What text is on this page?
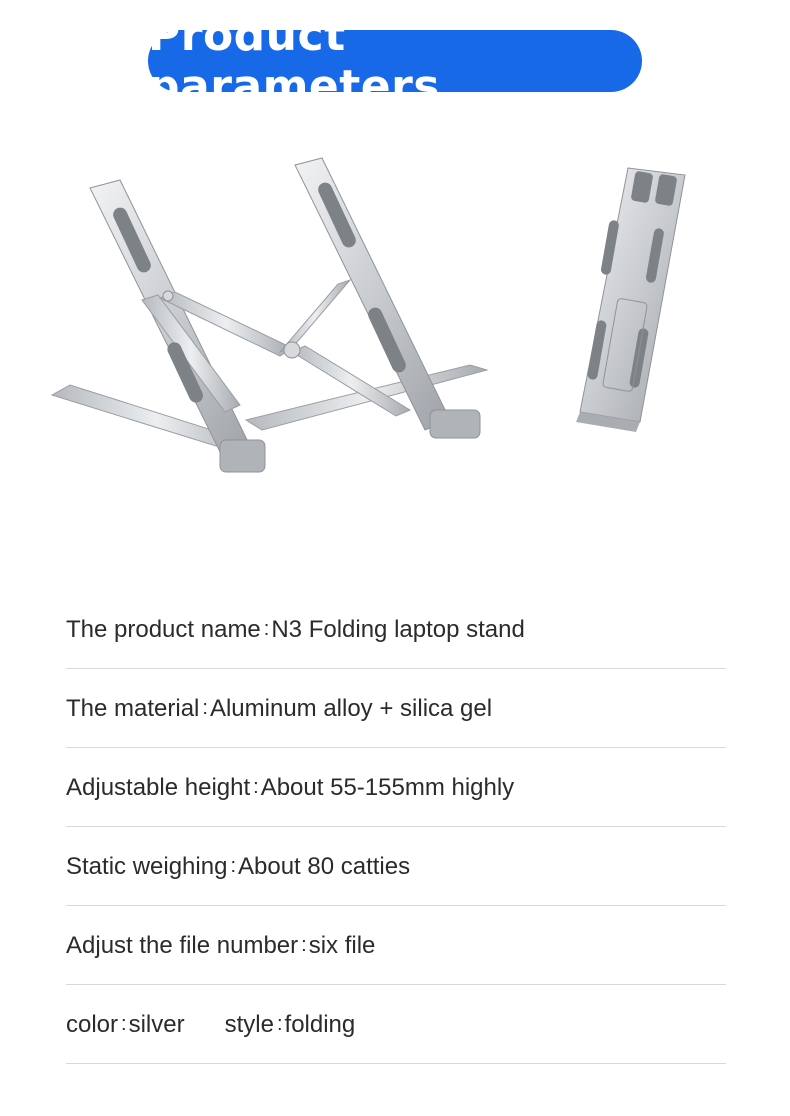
Product parameters
The product name : N3 Folding laptop stand
The material : Aluminum alloy + silica gel
Adjustable height : About 55-155mm highly
Static weighing : About 80 catties
Adjust the file number : six file
color : silver style : folding
